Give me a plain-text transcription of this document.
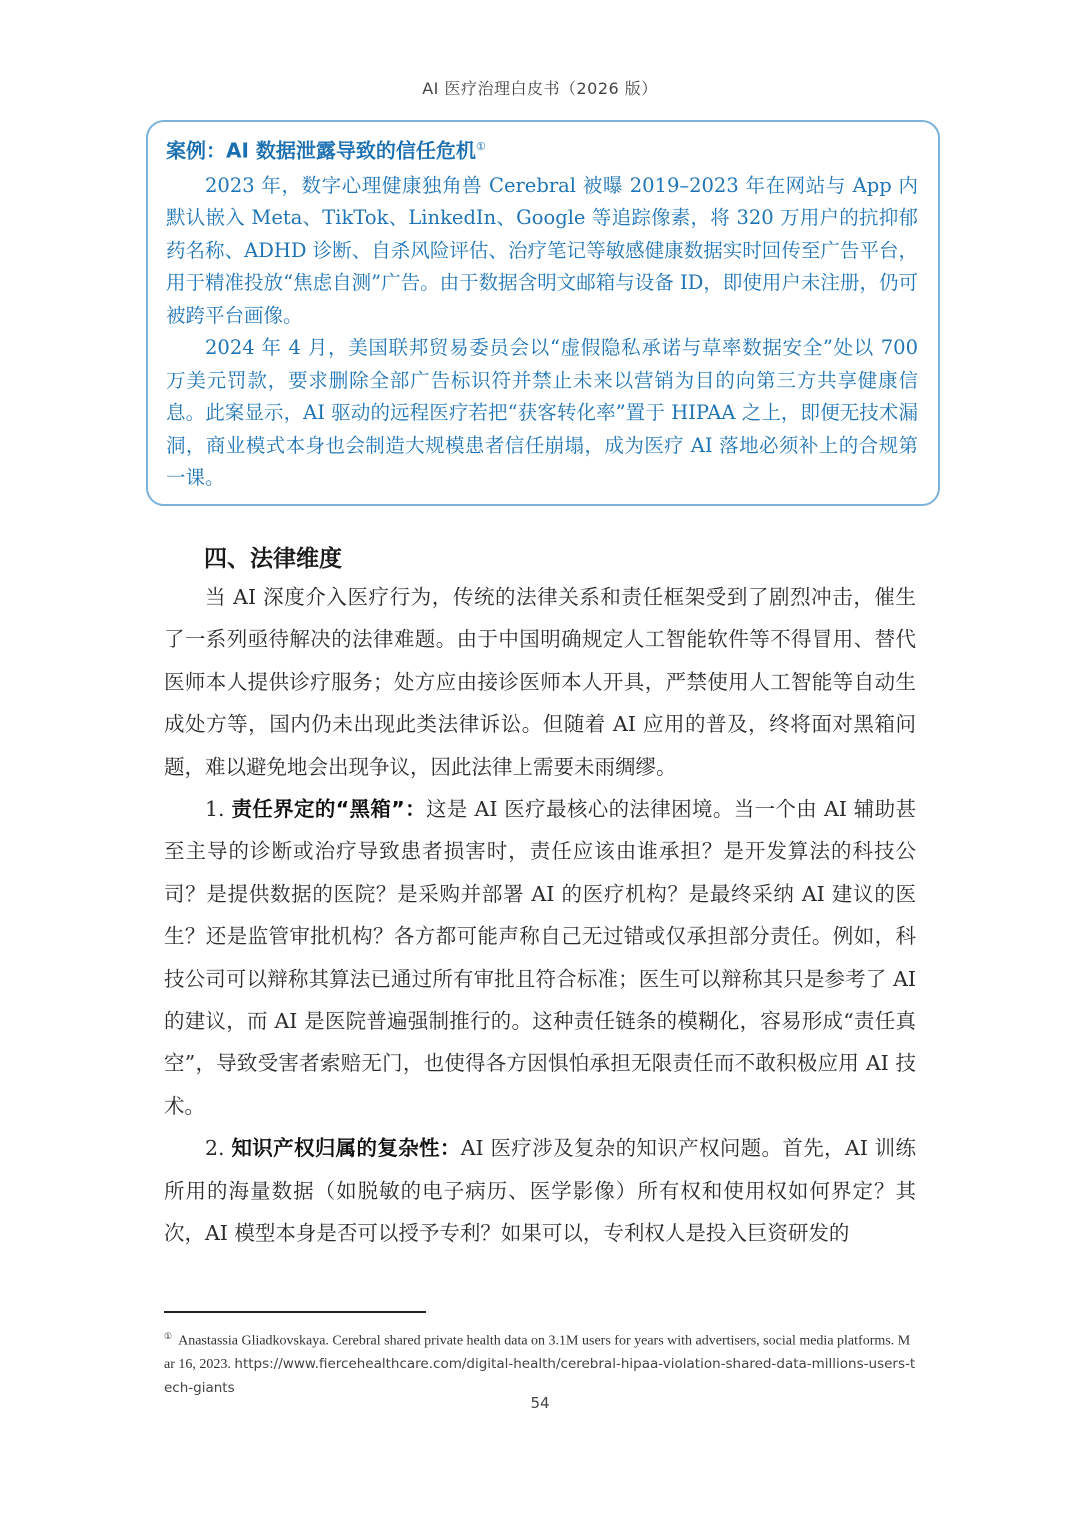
AI 医疗治理白皮书（2026 版）
案例：AI 数据泄露导致的信任危机①

2023 年，数字心理健康独角兽 Cerebral 被曝 2019–2023 年在网站与 App 内默认嵌入 Meta、TikTok、LinkedIn、Google 等追踪像素，将 320 万用户的抗抑郁药名称、ADHD 诊断、自杀风险评估、治疗笔记等敏感健康数据实时回传至广告平台，用于精准投放“焦虑自测”广告。由于数据含明文邮箱与设备 ID，即使用户未注册，仍可被跨平台画像。

2024 年 4 月，美国联邦贸易委员会以“虚假隐私承诺与草率数据安全”处以 700 万美元罚款，要求删除全部广告标识符并禁止未来以营销为目的向第三方共享健康信息。此案显示，AI 驱动的远程医疗若把“获客转化率”置于 HIPAA 之上，即便无技术漏洞，商业模式本身也会制造大规模患者信任崩塌，成为医疗 AI 落地必须补上的合规第一课。

四、法律维度

当 AI 深度介入医疗行为，传统的法律关系和责任框架受到了剧烈冲击，催生了一系列亟待解决的法律难题。由于中国明确规定人工智能软件等不得冒用、替代医师本人提供诊疗服务；处方应由接诊医师本人开具，严禁使用人工智能等自动生成处方等，国内仍未出现此类法律诉讼。但随着 AI 应用的普及，终将面对黑箱问题，难以避免地会出现争议，因此法律上需要未雨绸缪。

1. 责任界定的“黑箱”：这是 AI 医疗最核心的法律困境。当一个由 AI 辅助甚至主导的诊断或治疗导致患者损害时，责任应该由谁承担？是开发算法的科技公司？是提供数据的医院？是采购并部署 AI 的医疗机构？是最终采纳 AI 建议的医生？还是监管审批机构？各方都可能声称自己无过错或仅承担部分责任。例如，科技公司可以辩称其算法已通过所有审批且符合标准；医生可以辩称其只是参考了 AI 的建议，而 AI 是医院普遍强制推行的。这种责任链条的模糊化，容易形成“责任真空”，导致受害者索赔无门，也使得各方因惧怕承担无限责任而不敢积极应用 AI 技术。

2. 知识产权归属的复杂性：AI 医疗涉及复杂的知识产权问题。首先，AI 训练所用的海量数据（如脱敏的电子病历、医学影像）所有权和使用权如何界定？其次，AI 模型本身是否可以授予专利？如果可以，专利权人是投入巨资研发的

① Anastassia Gliadkovskaya. Cerebral shared private health data on 3.1M users for years with advertisers, social media platforms. Mar 16, 2023. https://www.fiercehealthcare.com/digital-health/cerebral-hipaa-violation-shared-data-millions-users-tech-giants
54
